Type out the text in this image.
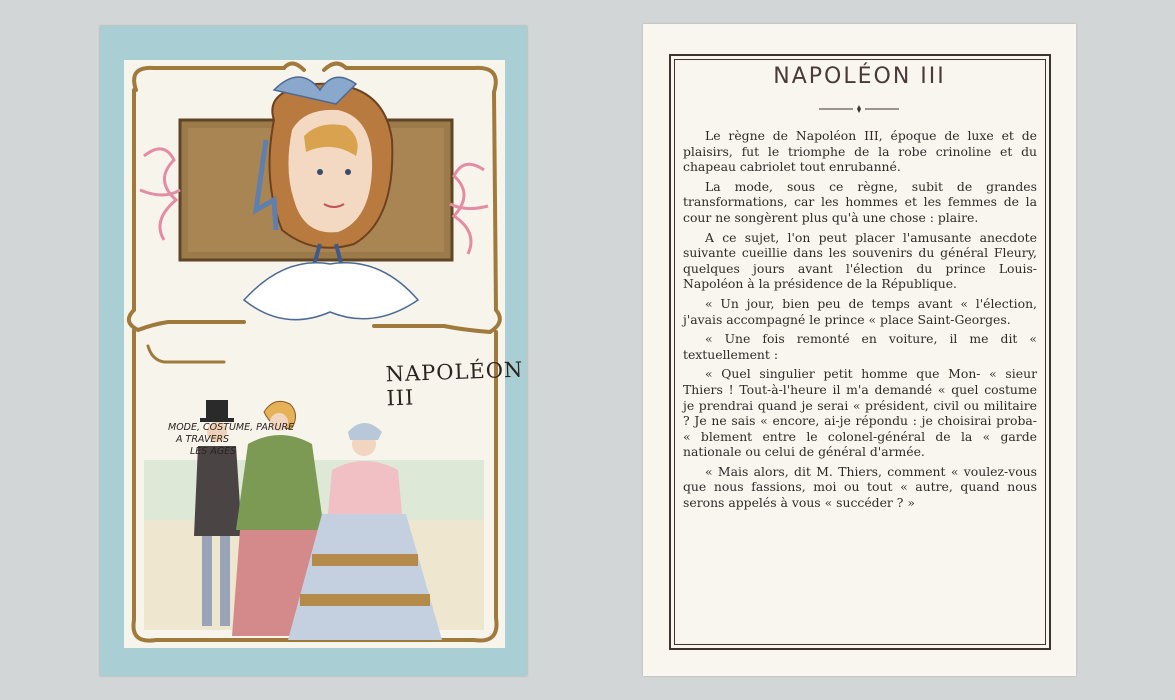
NAPOLÉON III
MODE, COSTUME, PARURE
A TRAVERS
LES AGES
NAPOLÉON III

Le règne de Napoléon III, époque de luxe et de plaisirs, fut le triomphe de la robe crinoline et du chapeau cabriolet tout enrubanné.

La mode, sous ce règne, subit de grandes transformations, car les hommes et les femmes de la cour ne songèrent plus qu'à une chose : plaire.

A ce sujet, l'on peut placer l'amusante anecdote suivante cueillie dans les souvenirs du général Fleury, quelques jours avant l'élection du prince Louis-Napoléon à la présidence de la République.

« Un jour, bien peu de temps avant « l'élection, j'avais accompagné le prince « place Saint-Georges.

« Une fois remonté en voiture, il me dit « textuellement :

« Quel singulier petit homme que Mon- « sieur Thiers ! Tout-à-l'heure il m'a demandé « quel costume je prendrai quand je serai « président, civil ou militaire ? Je ne sais « encore, ai-je répondu : je choisirai proba- « blement entre le colonel-général de la « garde nationale ou celui de général d'armée.

« Mais alors, dit M. Thiers, comment « voulez-vous que nous fassions, moi ou tout « autre, quand nous serons appelés à vous « succéder ? »
